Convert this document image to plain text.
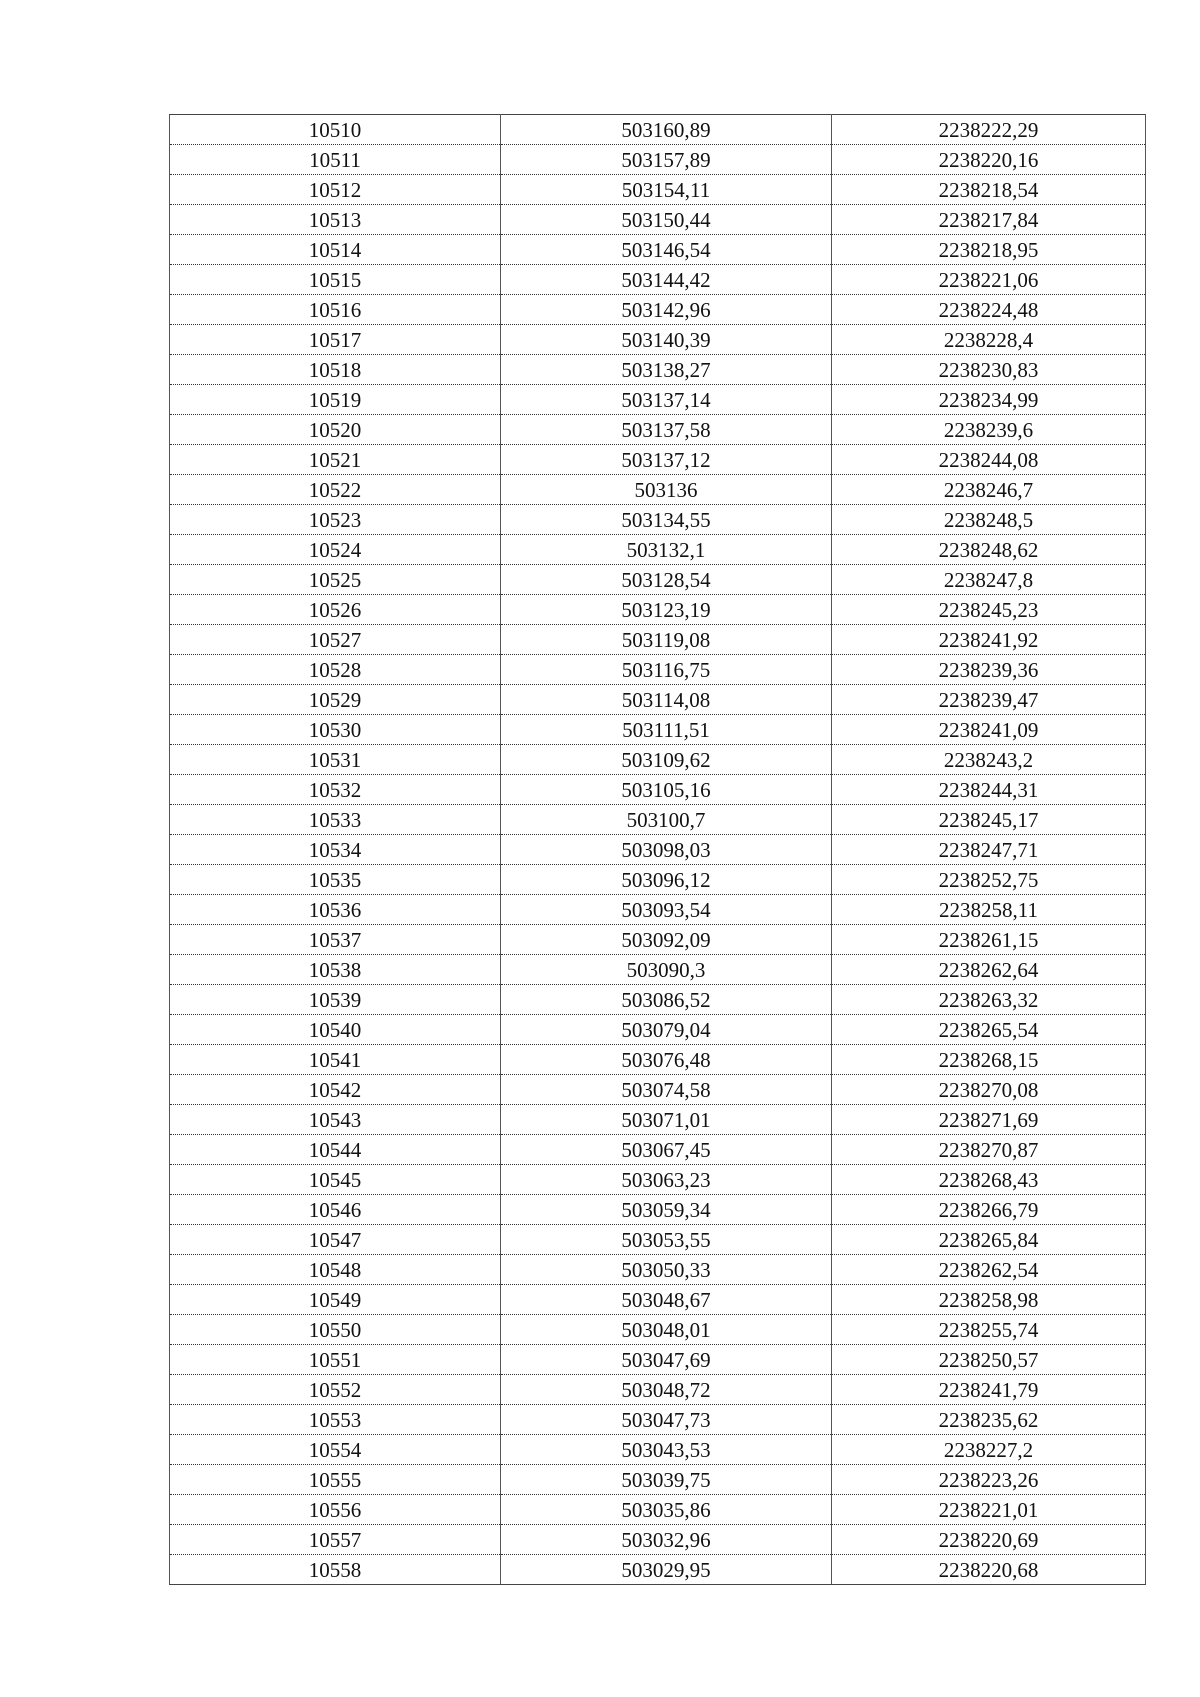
10510	503160,89	2238222,29
10511	503157,89	2238220,16
10512	503154,11	2238218,54
10513	503150,44	2238217,84
10514	503146,54	2238218,95
10515	503144,42	2238221,06
10516	503142,96	2238224,48
10517	503140,39	2238228,4
10518	503138,27	2238230,83
10519	503137,14	2238234,99
10520	503137,58	2238239,6
10521	503137,12	2238244,08
10522	503136	2238246,7
10523	503134,55	2238248,5
10524	503132,1	2238248,62
10525	503128,54	2238247,8
10526	503123,19	2238245,23
10527	503119,08	2238241,92
10528	503116,75	2238239,36
10529	503114,08	2238239,47
10530	503111,51	2238241,09
10531	503109,62	2238243,2
10532	503105,16	2238244,31
10533	503100,7	2238245,17
10534	503098,03	2238247,71
10535	503096,12	2238252,75
10536	503093,54	2238258,11
10537	503092,09	2238261,15
10538	503090,3	2238262,64
10539	503086,52	2238263,32
10540	503079,04	2238265,54
10541	503076,48	2238268,15
10542	503074,58	2238270,08
10543	503071,01	2238271,69
10544	503067,45	2238270,87
10545	503063,23	2238268,43
10546	503059,34	2238266,79
10547	503053,55	2238265,84
10548	503050,33	2238262,54
10549	503048,67	2238258,98
10550	503048,01	2238255,74
10551	503047,69	2238250,57
10552	503048,72	2238241,79
10553	503047,73	2238235,62
10554	503043,53	2238227,2
10555	503039,75	2238223,26
10556	503035,86	2238221,01
10557	503032,96	2238220,69
10558	503029,95	2238220,68
